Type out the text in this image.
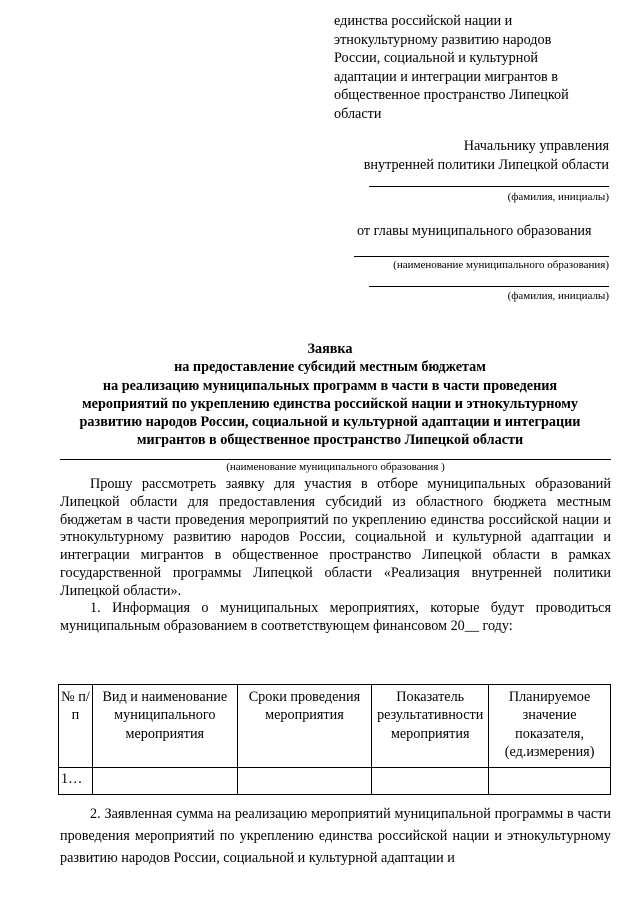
единства российской нации и
этнокультурному развитию народов
России, социальной и культурной
адаптации и интеграции мигрантов в
общественное пространство Липецкой
области
Начальнику управления
внутренней политики Липецкой области
(фамилия, инициалы)
от главы муниципального образования
(наименование муниципального образования)
(фамилия, инициалы)
Заявка
на предоставление субсидий местным бюджетам
на реализацию муниципальных программ в части в части проведения
мероприятий по укреплению единства российской нации и этнокультурному
развитию народов России, социальной и культурной адаптации и интеграции
мигрантов в общественное пространство Липецкой области
(наименование муниципального образования )
Прошу рассмотреть заявку для участия в отборе муниципальных образований Липецкой области для предоставления субсидий из областного бюджета местным бюджетам в части проведения мероприятий по укреплению единства российской нации и этнокультурному развитию народов России, социальной и культурной адаптации и интеграции мигрантов в общественное пространство Липецкой области в рамках государственной программы Липецкой области «Реализация внутренней политики Липецкой области».
1. Информация о муниципальных мероприятиях, которые будут проводиться муниципальным образованием в соответствующем финансовом 20__ году:
№ п/п	Вид и наименование муниципального мероприятия	Сроки проведения мероприятия	Показатель результативности мероприятия	Планируемое значение показателя, (ед.измерения)
1…				
2. Заявленная сумма на реализацию мероприятий муниципальной программы в части проведения мероприятий по укреплению единства российской нации и этнокультурному развитию народов России, социальной и культурной адаптации и
